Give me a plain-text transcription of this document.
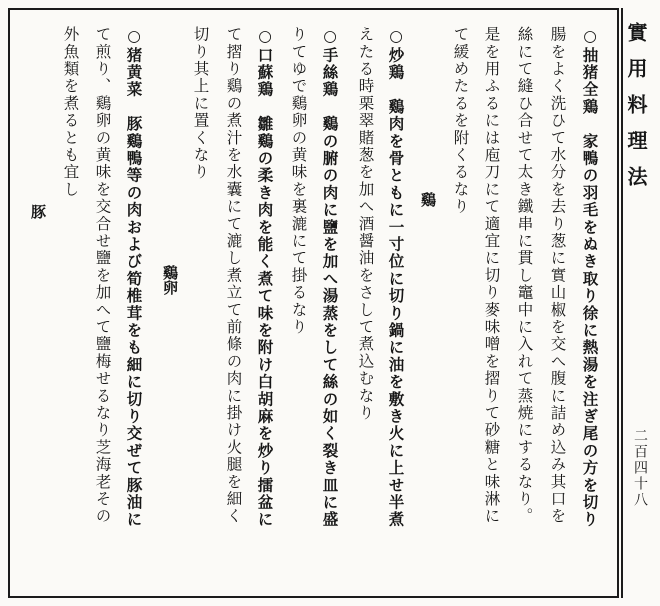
實用料理法
二百四十八
○抽猪全鶏　家鴨の羽毛をぬき取り徐に熱湯を注ぎ尾の方を切り
腸をよく洗ひて水分を去り葱に實山椒を交へ腹に詰め込み其口を
絲にて縫ひ合せて太き鐵串に貫し竈中に入れて蒸焼にするなり。
是を用ふるには庖刀にて適宜に切り麥味噌を摺りて砂糖と味淋に
て緩めたるを附くるなり
鷄
○炒鶏　鷄肉を骨ともに一寸位に切り鍋に油を敷き火に上せ半煮
えたる時栗翠賭葱を加へ酒醤油をさして煮込むなり
○手絲鶏　鷄の腑の肉に鹽を加へ湯蒸をして絲の如く裂き皿に盛
りてゆで鷄卵の黄味を裏漉にて掛るなり
○口蘇鶏　雛鷄の柔き肉を能く煮て味を附け白胡麻を炒り擂盆に
て摺り鷄の煮汁を水囊にて漉し煮立て前條の肉に掛け火腿を細く
切り其上に置くなり
鷄卵
○猪黄菜　豚鷄鴨等の肉および筍椎茸をも細に切り交ぜて豚油に
て煎り、鷄卵の黄味を交合せ鹽を加へて鹽梅せるなり芝海老その
外魚類を煮るとも宜し
豚
